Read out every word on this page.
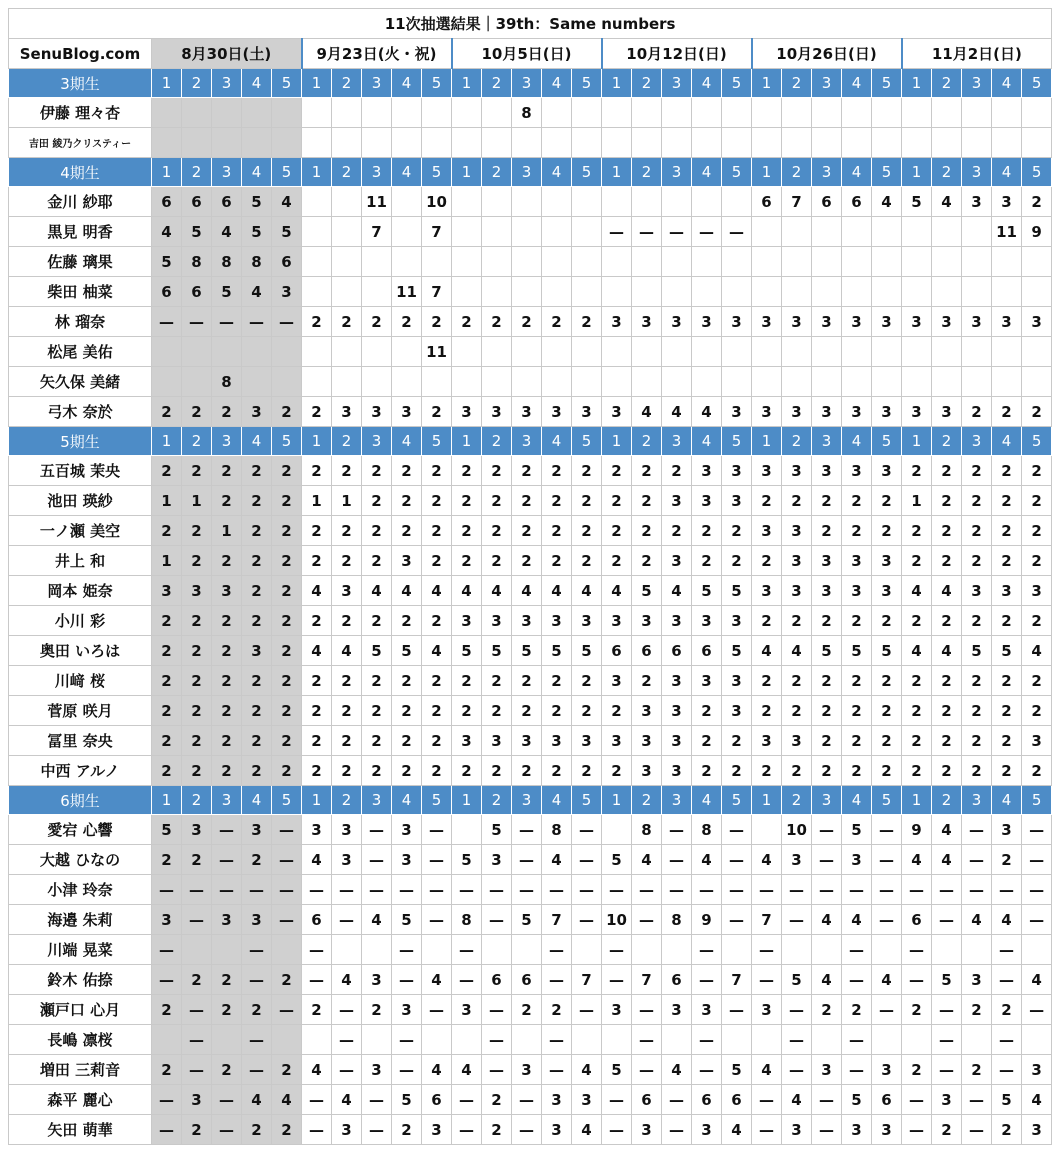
11次抽選結果｜39th：Same numbers																														
SenuBlog.com	8月30日(土)					9月23日(火・祝)					10月5日(日)					10月12日(日)					10月26日(日)					11月2日(日)				
3期生	1	2	3	4	5	1	2	3	4	5	1	2	3	4	5	1	2	3	4	5	1	2	3	4	5	1	2	3	4	5
伊藤 理々杏													8																	
吉田 綾乃クリスティー																														
4期生	1	2	3	4	5	1	2	3	4	5	1	2	3	4	5	1	2	3	4	5	1	2	3	4	5	1	2	3	4	5
金川 紗耶	6	6	6	5	4			11		10											6	7	6	6	4	5	4	3	3	2
黒見 明香	4	5	4	5	5			7		7						—	—	—	—	—									11	9
佐藤 璃果	5	8	8	8	6																									
柴田 柚菜	6	6	5	4	3				11	7																				
林 瑠奈	—	—	—	—	—	2	2	2	2	2	2	2	2	2	2	3	3	3	3	3	3	3	3	3	3	3	3	3	3	3
松尾 美佑										11																				
矢久保 美緒			8																											
弓木 奈於	2	2	2	3	2	2	3	3	3	2	3	3	3	3	3	3	4	4	4	3	3	3	3	3	3	3	3	2	2	2
5期生	1	2	3	4	5	1	2	3	4	5	1	2	3	4	5	1	2	3	4	5	1	2	3	4	5	1	2	3	4	5
五百城 茉央	2	2	2	2	2	2	2	2	2	2	2	2	2	2	2	2	2	2	3	3	3	3	3	3	3	2	2	2	2	2
池田 瑛紗	1	1	2	2	2	1	1	2	2	2	2	2	2	2	2	2	2	3	3	3	2	2	2	2	2	1	2	2	2	2
一ノ瀬 美空	2	2	1	2	2	2	2	2	2	2	2	2	2	2	2	2	2	2	2	2	3	3	2	2	2	2	2	2	2	2
井上 和	1	2	2	2	2	2	2	2	3	2	2	2	2	2	2	2	2	3	2	2	2	3	3	3	3	2	2	2	2	2
岡本 姫奈	3	3	3	2	2	4	3	4	4	4	4	4	4	4	4	4	5	4	5	5	3	3	3	3	3	4	4	3	3	3
小川 彩	2	2	2	2	2	2	2	2	2	2	3	3	3	3	3	3	3	3	3	3	2	2	2	2	2	2	2	2	2	2
奥田 いろは	2	2	2	3	2	4	4	5	5	4	5	5	5	5	5	6	6	6	6	5	4	4	5	5	5	4	4	5	5	4
川﨑 桜	2	2	2	2	2	2	2	2	2	2	2	2	2	2	2	3	2	3	3	3	2	2	2	2	2	2	2	2	2	2
菅原 咲月	2	2	2	2	2	2	2	2	2	2	2	2	2	2	2	2	3	3	2	3	2	2	2	2	2	2	2	2	2	2
冨里 奈央	2	2	2	2	2	2	2	2	2	2	3	3	3	3	3	3	3	3	2	2	3	3	2	2	2	2	2	2	2	3
中西 アルノ	2	2	2	2	2	2	2	2	2	2	2	2	2	2	2	2	3	3	2	2	2	2	2	2	2	2	2	2	2	2
6期生	1	2	3	4	5	1	2	3	4	5	1	2	3	4	5	1	2	3	4	5	1	2	3	4	5	1	2	3	4	5
愛宕 心響	5	3	—	3	—	3	3	—	3	—		5	—	8	—		8	—	8	—		10	—	5	—	9	4	—	3	—
大越 ひなの	2	2	—	2	—	4	3	—	3	—	5	3	—	4	—	5	4	—	4	—	4	3	—	3	—	4	4	—	2	—
小津 玲奈	—	—	—	—	—	—	—	—	—	—	—	—	—	—	—	—	—	—	—	—	—	—	—	—	—	—	—	—	—	—
海邉 朱莉	3	—	3	3	—	6	—	4	5	—	8	—	5	7	—	10	—	8	9	—	7	—	4	4	—	6	—	4	4	—
川端 晃菜	—			—		—			—		—			—		—			—		—			—		—			—	
鈴木 佑捺	—	2	2	—	2	—	4	3	—	4	—	6	6	—	7	—	7	6	—	7	—	5	4	—	4	—	5	3	—	4
瀬戸口 心月	2	—	2	2	—	2	—	2	3	—	3	—	2	2	—	3	—	3	3	—	3	—	2	2	—	2	—	2	2	—
長嶋 凛桜		—		—			—		—			—		—			—		—			—		—			—		—	
増田 三莉音	2	—	2	—	2	4	—	3	—	4	4	—	3	—	4	5	—	4	—	5	4	—	3	—	3	2	—	2	—	3
森平 麗心	—	3	—	4	4	—	4	—	5	6	—	2	—	3	3	—	6	—	6	6	—	4	—	5	6	—	3	—	5	4
矢田 萌華	—	2	—	2	2	—	3	—	2	3	—	2	—	3	4	—	3	—	3	4	—	3	—	3	3	—	2	—	2	3
